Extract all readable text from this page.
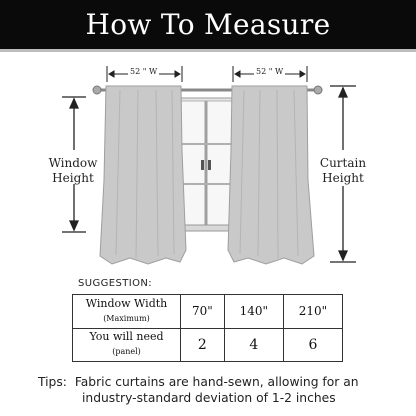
How To Measure
52 " W	52 " W
Window
Height
Curtain
Height
SUGGESTION:
Window Width
(Maximum)	70"	140"	210"

You will need
(panel)	2	4	6
Tips: Fabric curtains are hand-sewn, allowing for an
industry-standard deviation of 1-2 inches
